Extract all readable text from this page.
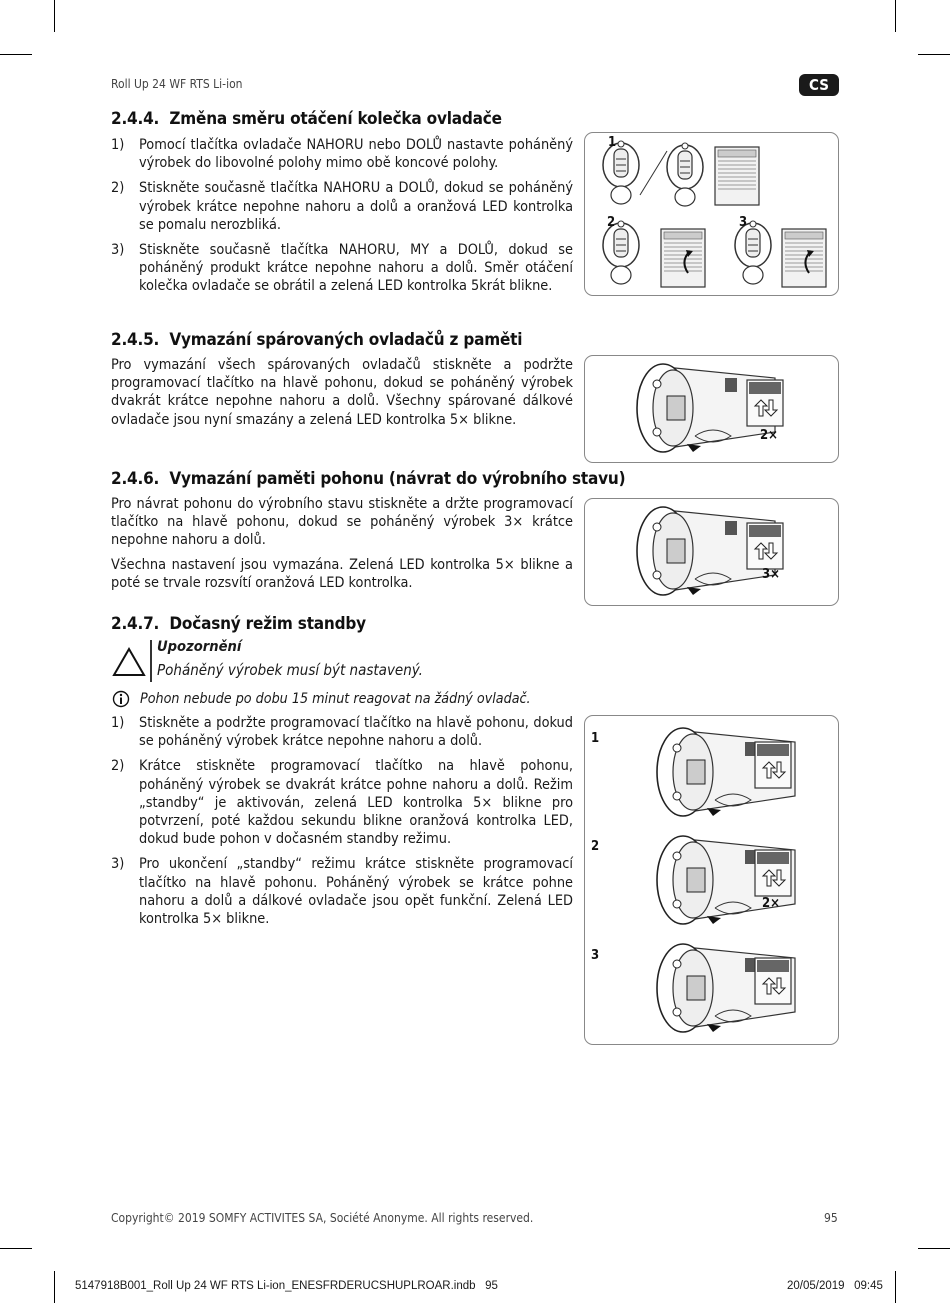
Roll Up 24 WF RTS Li-ion	CS
2.4.4.  Změna směru otáčení kolečka ovladače
1)	Pomocí tlačítka ovladače NAHORU nebo DOLŮ nastavte poháněný výrobek do libovolné polohy mimo obě koncové polohy.
2)	Stiskněte současně tlačítka NAHORU a DOLŮ, dokud se poháněný výrobek krátce nepohne nahoru a dolů a oranžová LED kontrolka se pomalu nerozbliká.
3)	Stiskněte současně tlačítka NAHORU, MY a DOLŮ, dokud se poháněný produkt krátce nepohne nahoru a dolů. Směr otáčení kolečka ovladače se obrátil a zelená LED kontrolka 5krát blikne.
1
2	3
2.4.5.  Vymazání spárovaných ovladačů z paměti
Pro vymazání všech spárovaných ovladačů stiskněte a podržte programovací tlačítko na hlavě pohonu, dokud se poháněný výrobek dvakrát krátce nepohne nahoru a dolů. Všechny spárované dálkové ovladače jsou nyní smazány a zelená LED kontrolka 5× blikne.
2×
2.4.6.  Vymazání paměti pohonu (návrat do výrobního stavu)
Pro návrat pohonu do výrobního stavu stiskněte a držte programovací tlačítko na hlavě pohonu, dokud se poháněný výrobek 3× krátce nepohne nahoru a dolů.
Všechna nastavení jsou vymazána. Zelená LED kontrolka 5× blikne a poté se trvale rozsvítí oranžová LED kontrolka.
3×
2.4.7.  Dočasný režim standby
Upozornění
Poháněný výrobek musí být nastavený.
Pohon nebude po dobu 15 minut reagovat na žádný ovladač.
1)	Stiskněte a podržte programovací tlačítko na hlavě pohonu, dokud se poháněný výrobek krátce nepohne nahoru a dolů.
2)	Krátce stiskněte programovací tlačítko na hlavě pohonu, poháněný výrobek se dvakrát krátce pohne nahoru a dolů. Režim „standby“ je aktivován, zelená LED kontrolka 5× blikne pro potvrzení, poté každou sekundu blikne oranžová kontrolka LED, dokud bude pohon v dočasném standby režimu.
3)	Pro ukončení „standby“ režimu krátce stiskněte programovací tlačítko na hlavě pohonu. Poháněný výrobek se krátce pohne nahoru a dolů a dálkové ovladače jsou opět funkční. Zelená LED kontrolka 5× blikne.
1
2
3
2×
Copyright© 2019 SOMFY ACTIVITES SA, Société Anonyme. All rights reserved.	95
5147918B001_Roll Up 24 WF RTS Li-ion_ENESFRDERUCSHUPLROAR.indb   95	20/05/2019   09:45
